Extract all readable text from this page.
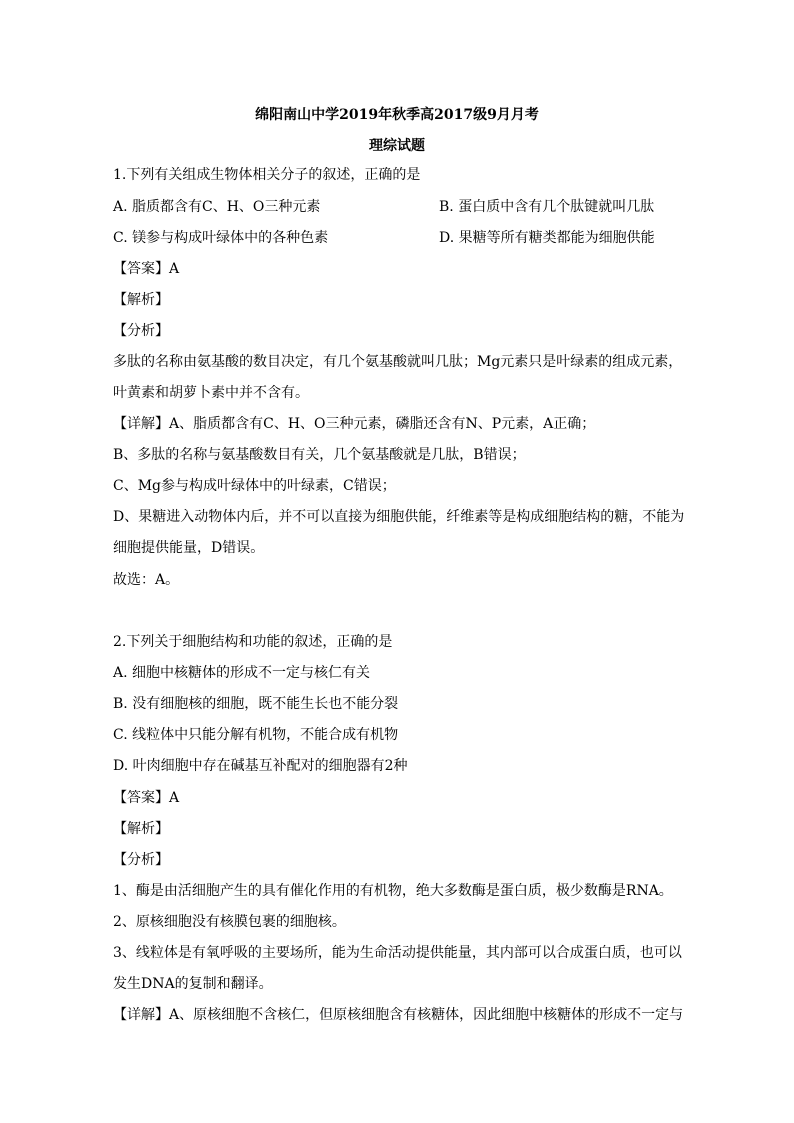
绵阳南山中学2019年秋季高2017级9月月考
理综试题
1.下列有关组成生物体相关分子的叙述，正确的是
A. 脂质都含有C、H、O三种元素	B. 蛋白质中含有几个肽键就叫几肽
C. 镁参与构成叶绿体中的各种色素	D. 果糖等所有糖类都能为细胞供能
【答案】A
【解析】
【分析】
多肽的名称由氨基酸的数目决定，有几个氨基酸就叫几肽；Mg元素只是叶绿素的组成元素，
叶黄素和胡萝卜素中并不含有。
【详解】A、脂质都含有C、H、O三种元素，磷脂还含有N、P元素，A正确；
B、多肽的名称与氨基酸数目有关，几个氨基酸就是几肽，B错误；
C、Mg参与构成叶绿体中的叶绿素，C错误；
D、果糖进入动物体内后，并不可以直接为细胞供能，纤维素等是构成细胞结构的糖，不能为
细胞提供能量，D错误。
故选：A。
2.下列关于细胞结构和功能的叙述，正确的是
A. 细胞中核糖体的形成不一定与核仁有关
B. 没有细胞核的细胞，既不能生长也不能分裂
C. 线粒体中只能分解有机物，不能合成有机物
D. 叶肉细胞中存在碱基互补配对的细胞器有2种
【答案】A
【解析】
【分析】
1、酶是由活细胞产生的具有催化作用的有机物，绝大多数酶是蛋白质，极少数酶是RNA。
2、原核细胞没有核膜包裹的细胞核。
3、线粒体是有氧呼吸的主要场所，能为生命活动提供能量，其内部可以合成蛋白质，也可以
发生DNA的复制和翻译。
【详解】A、原核细胞不含核仁，但原核细胞含有核糖体，因此细胞中核糖体的形成不一定与
